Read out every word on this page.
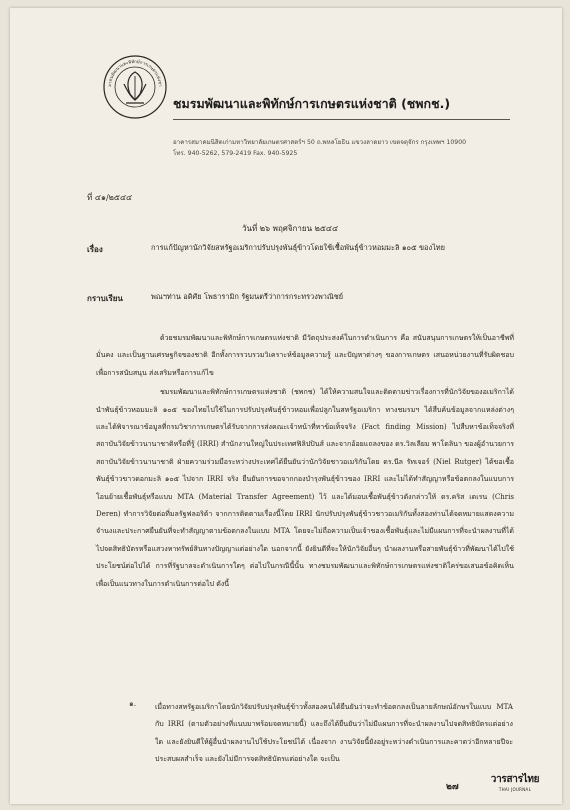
มาคมพัฒนาและพิทักษ์การเกษตรแห่งชา
ชมรมพัฒนาและพิทักษ์การเกษตรแห่งชาติ (ชพกช.)
อาคารสมาคมนิสิตเก่ามหาวิทยาลัยเกษตรศาสตร์ฯ 50 ถ.พหลโยธิน แขวงลาดยาว เขตจตุจักร กรุงเทพฯ 10900
โทร. 940-5262, 579-2419 Fax. 940-5925
ที่ ๔๑/๒๕๔๔
วันที่ ๒๖ พฤศจิกายน ๒๕๔๔
เรื่อง	การแก้ปัญหานักวิจัยสหรัฐอเมริกาปรับปรุงพันธุ์ข้าวโดยใช้เชื้อพันธุ์ข้าวหอมมะลิ ๑๐๕ ของไทย
กราบเรียน	พณฯท่าน อดิศัย โพธารามิก รัฐมนตรีว่าการกระทรวงพาณิชย์

ด้วยชมรมพัฒนาและพิทักษ์การเกษตรแห่งชาติ มีวัตถุประสงค์ในการดำเนินการ คือ สนับสนุนการเกษตรให้เป็นอาชีพที่มั่นคง และเป็นฐานเศรษฐกิจของชาติ อีกทั้งการรวบรวมวิเคราะห์ข้อมูลความรู้ และปัญหาต่างๆ ของการเกษตร เสนอหน่วยงานที่รับผิดชอบเพื่อการสนับสนุน ส่งเสริมหรือการแก้ไข

ชมรมพัฒนาและพิทักษ์การเกษตรแห่งชาติ (ชพกช) ได้ให้ความสนใจและติดตามข่าวเรื่องการที่นักวิจัยของอเมริกาได้นำพันธุ์ข้าวหอมมะลิ ๑๐๕ ของไทยไปใช้ในการปรับปรุงพันธุ์ข้าวหอมเพื่อปลูกในสหรัฐอเมริกา ทางชมรมฯ ได้สืบค้นข้อมูลจากแหล่งต่างๆ และได้พิจารณาข้อมูลที่กรมวิชาการเกษตรได้รับจากการส่งคณะเจ้าหน้าที่หาข้อเท็จจริง (Fact finding Mission) ไปสืบหาข้อเท็จจริงที่สถาบันวิจัยข้าวนานาชาติหรือที่รู้ (IRRI) สำนักงานใหญ่ในประเทศฟิลิปปินส์ และจากอ้อยแถลงของ ดร.วิลเลียม พาโดลินา ของผู้อำนวยการสถาบันวิจัยข้าวนานาชาติ ฝ่ายความร่วมมือระหว่างประเทศได้ยืนยันว่านักวิจัยชาวอเมริกันโดย ดร.นีล รัทเจอร์ (Niel Rutger) ได้ขอเชื้อพันธุ์ข้าวขาวดอกมะลิ ๑๐๕ ไปจาก IRRI จริง ยืนยันการขอจากกองบำรุงพันธุ์ข้าวของ IRRI และไม่ได้ทำสัญญาหรือข้อตกลงในแบบการโอนย้ายเชื้อพันธุ์หรือแบบ MTA (Material Transfer Agreement) ไว้ และได้มอบเชื้อพันธุ์ข้าวดังกล่าวให้ ดร.คริส เดเรน (Chris Deren) ทำการวิจัยต่อที่มลรัฐฟลอริด้า จากการติดตามเรื่องนี้โดย IRRI นักปรับปรุงพันธุ์ข้าวชาวอเมริกันทั้งสองท่านได้จดหมายแสดงความจำนงและประกาศยืนยันที่จะทำสัญญาตามข้อตกลงในแบบ MTA โดยจะไม่ถือความเป็นเจ้าของเชื้อพันธุ์และไม่มีแผนการที่จะนำผลงานที่ได้ไปจดสิทธิบัตรหรือแสวงหาทรัพย์สินทางปัญญาแต่อย่างใด นอกจากนี้ ยังยินดีที่จะให้นักวิจัยอื่นๆ นำผลงานหรือสายพันธุ์ข้าวที่พัฒนาได้ไปใช้ประโยชน์ต่อไปได้ การที่รัฐบาลจะดำเนินการใดๆ ต่อไปในกรณีนี้นั้น ทางชมรมพัฒนาและพิทักษ์การเกษตรแห่งชาติใคร่ขอเสนอข้อคิดเห็นเพื่อเป็นแนวทางในการดำเนินการต่อไป ดังนี้

๑.	เมื่อทางสหรัฐอเมริกาโดยนักวิจัยปรับปรุงพันธุ์ข้าวทั้งสองคนได้ยืนยันว่าจะทำข้อตกลงเป็นลายลักษณ์อักษรในแบบ MTA กับ IRRI (ตามตัวอย่างที่แนบมาพร้อมจดหมายนี้) และถึงได้ยืนยันว่าไม่มีแผนการที่จะนำผลงานไปจดสิทธิบัตรแต่อย่างใด และยังยินดีให้ผู้อื่นนำผลงานไปใช้ประโยชน์ได้ เนื่องจาก งานวิจัยนี้ยังอยู่ระหว่างดำเนินการและคาดว่าอีกหลายปีจะประสบผลสำเร็จ และยังไม่มีการจดสิทธิบัตรแต่อย่างใด จะเป็น
๒๗
วารสารไทย
THAI JOURNAL
